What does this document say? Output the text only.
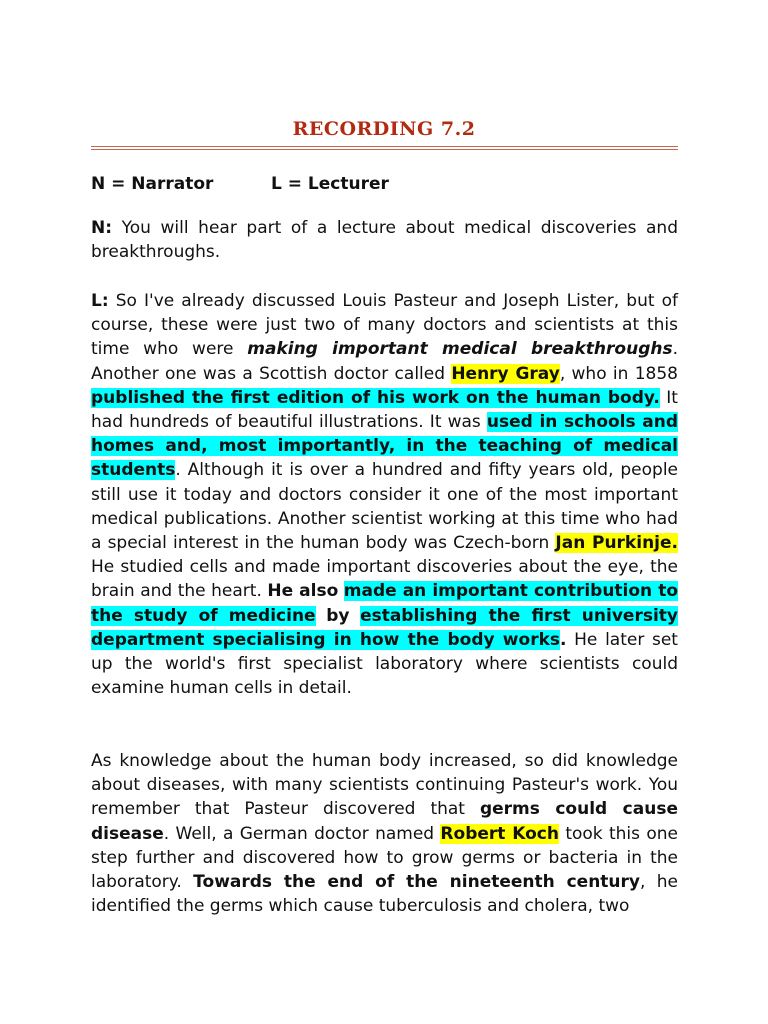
RECORDING 7.2
N = Narrator	L = Lecturer

N: You will hear part of a lecture about medical discoveries and breakthroughs.

L: So I've already discussed Louis Pasteur and Joseph Lister, but of course, these were just two of many doctors and scientists at this time who were making important medical breakthroughs. Another one was a Scottish doctor called Henry Gray, who in 1858 published the first edition of his work on the human body. It had hundreds of beautiful illustrations. It was used in schools and homes and, most importantly, in the teaching of medical students. Although it is over a hundred and fifty years old, people still use it today and doctors consider it one of the most important medical publications. Another scientist working at this time who had a special interest in the human body was Czech-born Jan Purkinje. He studied cells and made important discoveries about the eye, the brain and the heart. He also made an important contribution to the study of medicine by establishing the first university department specialising in how the body works. He later set up the world's first specialist laboratory where scientists could examine human cells in detail.

As knowledge about the human body increased, so did knowledge about diseases, with many scientists continuing Pasteur's work. You remember that Pasteur discovered that germs could cause disease. Well, a German doctor named Robert Koch took this one step further and discovered how to grow germs or bacteria in the laboratory. Towards the end of the nineteenth century, he identified the germs which cause tuberculosis and cholera, two
